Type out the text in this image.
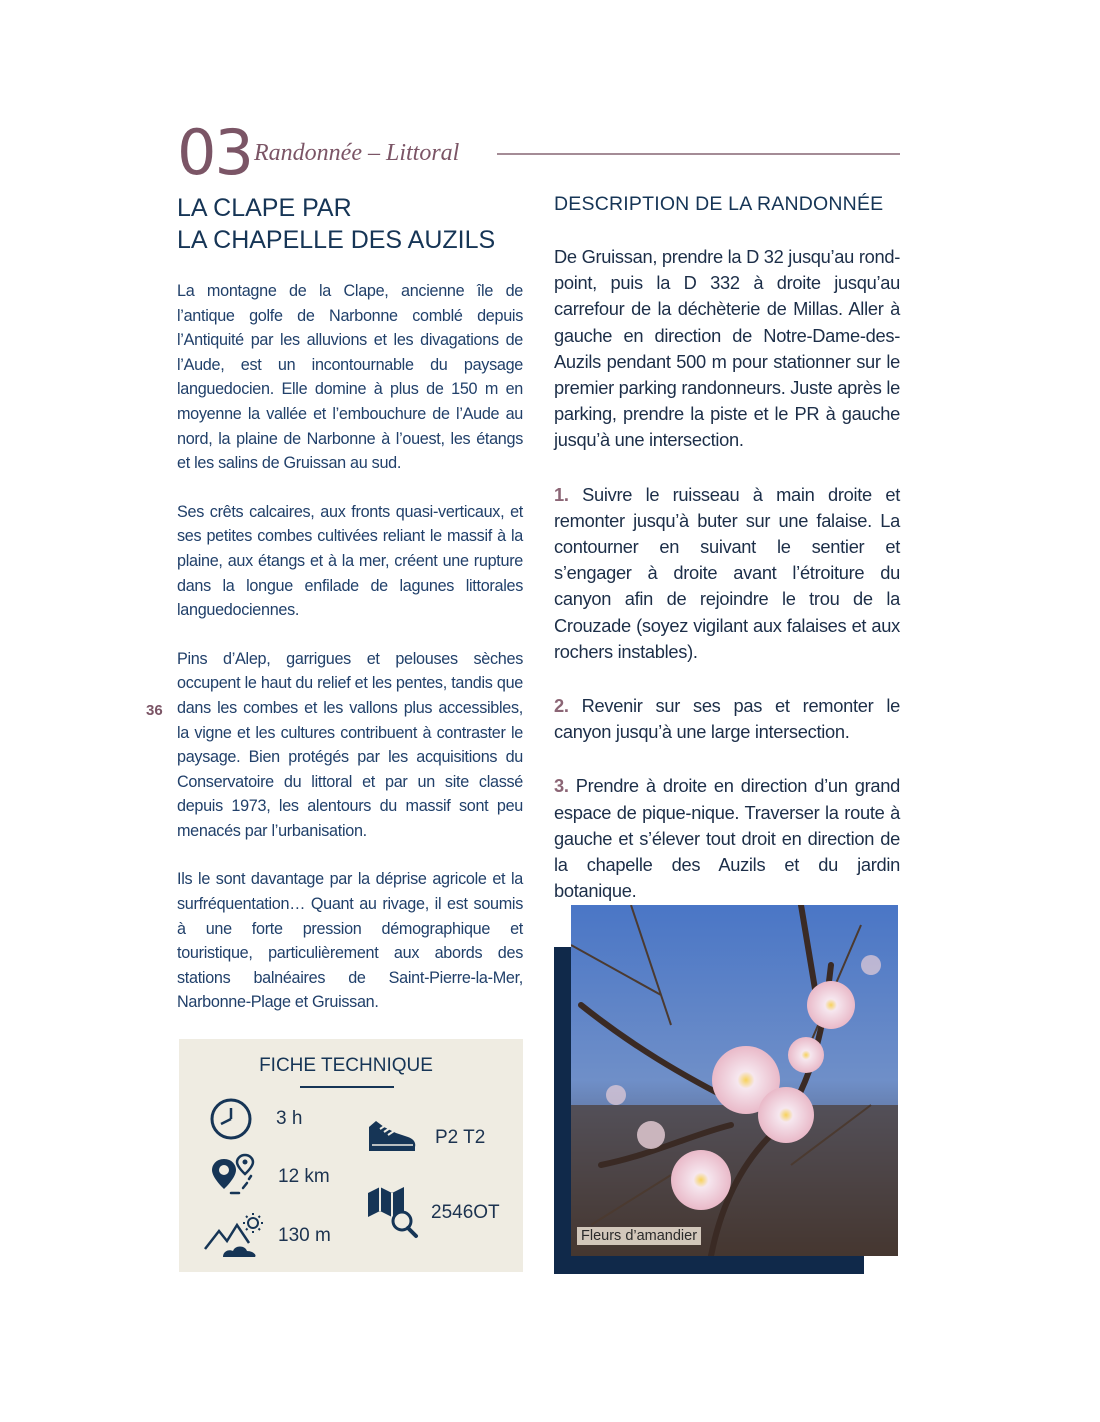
03 Randonnée – Littoral
LA CLAPE PAR
LA CHAPELLE DES AUZILS

La montagne de la Clape, ancienne île de l’antique golfe de Narbonne comblé depuis l’Antiquité par les alluvions et les divagations de l’Aude, est un incontournable du paysage languedocien. Elle domine à plus de 150 m en moyenne la vallée et l’embouchure de l’Aude au nord, la plaine de Narbonne à l’ouest, les étangs et les salins de Gruissan au sud.

Ses crêts calcaires, aux fronts quasi-verticaux, et ses petites combes cultivées reliant le massif à la plaine, aux étangs et à la mer, créent une rupture dans la longue enfilade de lagunes littorales languedociennes.

Pins d’Alep, garrigues et pelouses sèches occupent le haut du relief et les pentes, tandis que dans les combes et les vallons plus accessibles, la vigne et les cultures contribuent à contraster le paysage. Bien protégés par les acquisitions du Conservatoire du littoral et par un site classé depuis 1973, les alentours du massif sont peu menacés par l’urbanisation.

Ils le sont davantage par la déprise agricole et la surfréquentation… Quant au rivage, il est soumis à une forte pression démographique et touristique, particulièrement aux abords des stations balnéaires de Saint-Pierre-la-Mer, Narbonne-Plage et Gruissan.

36
FICHE TECHNIQUE
3 h
12 km
130 m
P2 T2
2546OT
DESCRIPTION DE LA RANDONNÉE

De Gruissan, prendre la D 32 jusqu’au rond-point, puis la D 332 à droite jusqu’au carrefour de la déchèterie de Millas. Aller à gauche en direction de Notre-Dame-des-Auzils pendant 500 m pour stationner sur le premier parking randonneurs. Juste après le parking, prendre la piste et le PR à gauche jusqu’à une intersection.

1. Suivre le ruisseau à main droite et remonter jusqu’à buter sur une falaise. La contourner en suivant le sentier et s’engager à droite avant l’étroiture du canyon afin de rejoindre le trou de la Crouzade (soyez vigilant aux falaises et aux rochers instables).

2. Revenir sur ses pas et remonter le canyon jusqu’à une large intersection.

3. Prendre à droite en direction d’un grand espace de pique-nique. Traverser la route à gauche et s’élever tout droit en direction de la chapelle des Auzils et du jardin botanique.

Fleurs d’amandier
